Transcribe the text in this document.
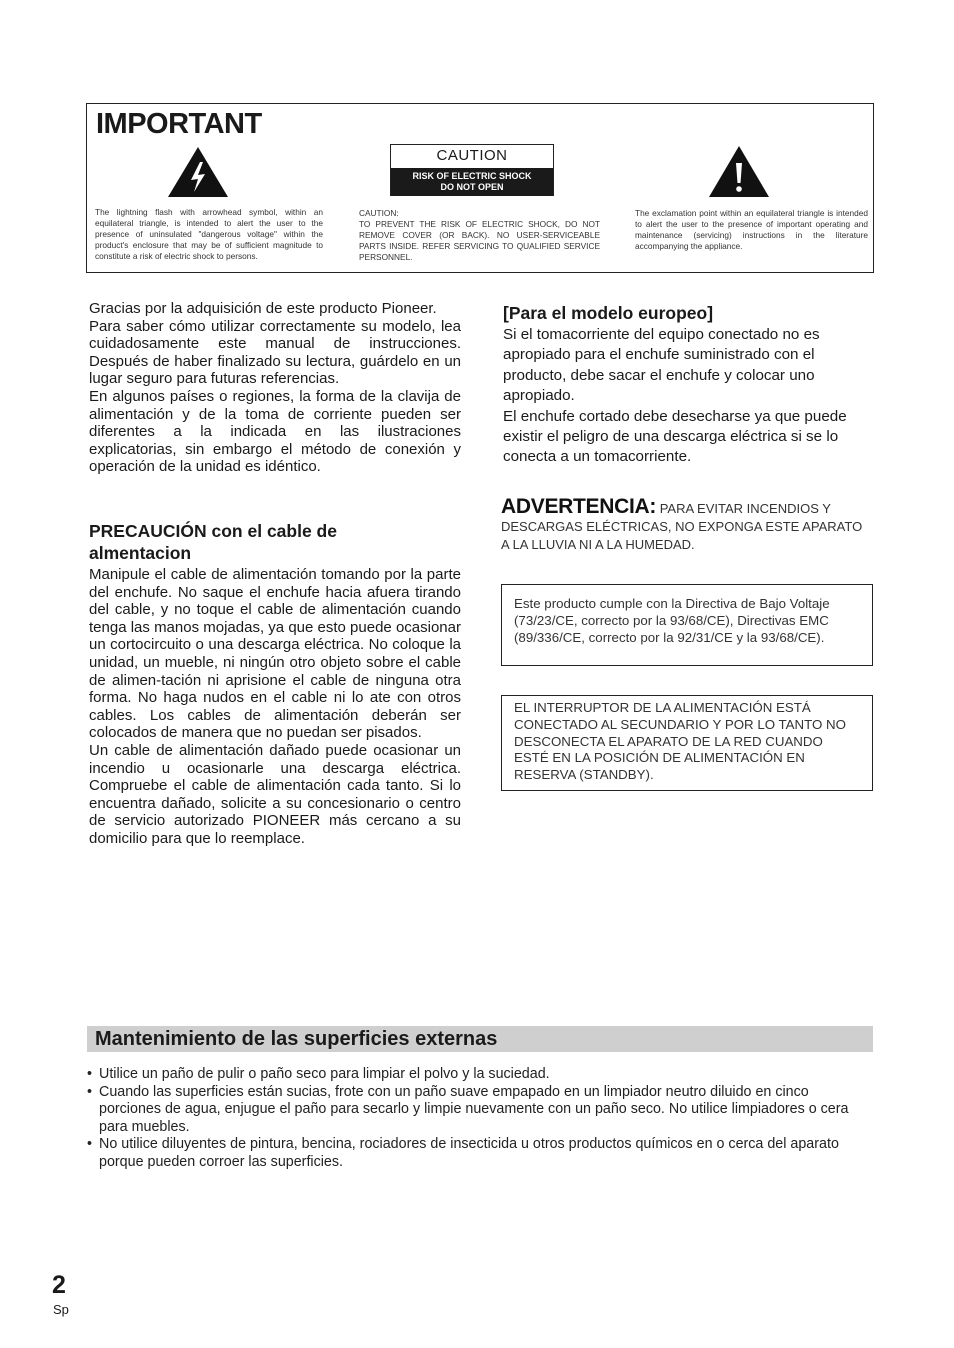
IMPORTANT
CAUTION
RISK OF ELECTRIC SHOCK
DO NOT OPEN
The lightning flash with arrowhead symbol, within an equilateral triangle, is intended to alert the user to the presence of uninsulated "dangerous voltage" within the product's enclosure that may be of sufficient magnitude to constitute a risk of electric shock to persons.
CAUTION:
TO PREVENT THE RISK OF ELECTRIC SHOCK, DO NOT REMOVE COVER (OR BACK). NO USER-SERVICEABLE PARTS INSIDE. REFER SERVICING TO QUALIFIED SERVICE PERSONNEL.
The exclamation point within an equilateral triangle is intended to alert the user to the presence of important operating and maintenance (servicing) instructions in the literature accompanying the appliance.

Gracias por la adquisición de este producto Pioneer.

Para saber cómo utilizar correctamente su modelo, lea cuidadosamente este manual de instrucciones. Después de haber finalizado su lectura, guárdelo en un lugar seguro para futuras referencias.

En algunos países o regiones, la forma de la clavija de alimentación y de la toma de corriente pueden ser diferentes a la indicada en las ilustraciones explicatorias, sin embargo el método de conexión y operación de la unidad es idéntico.

PRECAUCIÓN con el cable de almentacion

Manipule el cable de alimentación tomando por la parte del enchufe. No saque el enchufe hacia afuera tirando del cable, y no toque el cable de alimentación cuando tenga las manos mojadas, ya que esto puede ocasionar un cortocircuito o una descarga eléctrica. No coloque la unidad, un mueble, ni ningún otro objeto sobre el cable de alimen-tación ni aprisione el cable de ninguna otra forma. No haga nudos en el cable ni lo ate con otros cables. Los cables de alimentación deberán ser colocados de manera que no puedan ser pisados.

Un cable de alimentación dañado puede ocasionar un incendio u ocasionarle una descarga eléctrica. Compruebe el cable de alimentación cada tanto. Si lo encuentra dañado, solicite a su concesionario o centro de servicio autorizado PIONEER más cercano a su domicilio para que lo reemplace.

[Para el modelo europeo]

Si el tomacorriente del equipo conectado no es apropiado para el enchufe suministrado con el producto, debe sacar el enchufe y colocar uno apropiado.

El enchufe cortado debe desecharse ya que puede existir el peligro de una descarga eléctrica si se lo conecta a un tomacorriente.

ADVERTENCIA: PARA EVITAR INCENDIOS Y DESCARGAS ELÉCTRICAS, NO EXPONGA ESTE APARATO A LA LLUVIA NI A LA HUMEDAD.
Este producto cumple con la Directiva de Bajo Voltaje (73/23/CE, correcto por la 93/68/CE), Directivas EMC (89/336/CE, correcto por la 92/31/CE y la 93/68/CE).
EL INTERRUPTOR DE LA ALIMENTACIÓN ESTÁ CONECTADO AL SECUNDARIO Y POR LO TANTO NO DESCONECTA EL APARATO DE LA RED CUANDO ESTÉ EN LA POSICIÓN DE ALIMENTACIÓN EN RESERVA (STANDBY).
Mantenimiento de las superficies externas
• Utilice un paño de pulir o paño seco para limpiar el polvo y la suciedad.
• Cuando las superficies están sucias, frote con un paño suave empapado en un limpiador neutro diluido en cinco porciones de agua, enjugue el paño para secarlo y limpie nuevamente con un paño seco. No utilice limpiadores o cera para muebles.
• No utilice diluyentes de pintura, bencina, rociadores de insecticida u otros productos químicos en o cerca del aparato porque pueden corroer las superficies.
2
Sp
